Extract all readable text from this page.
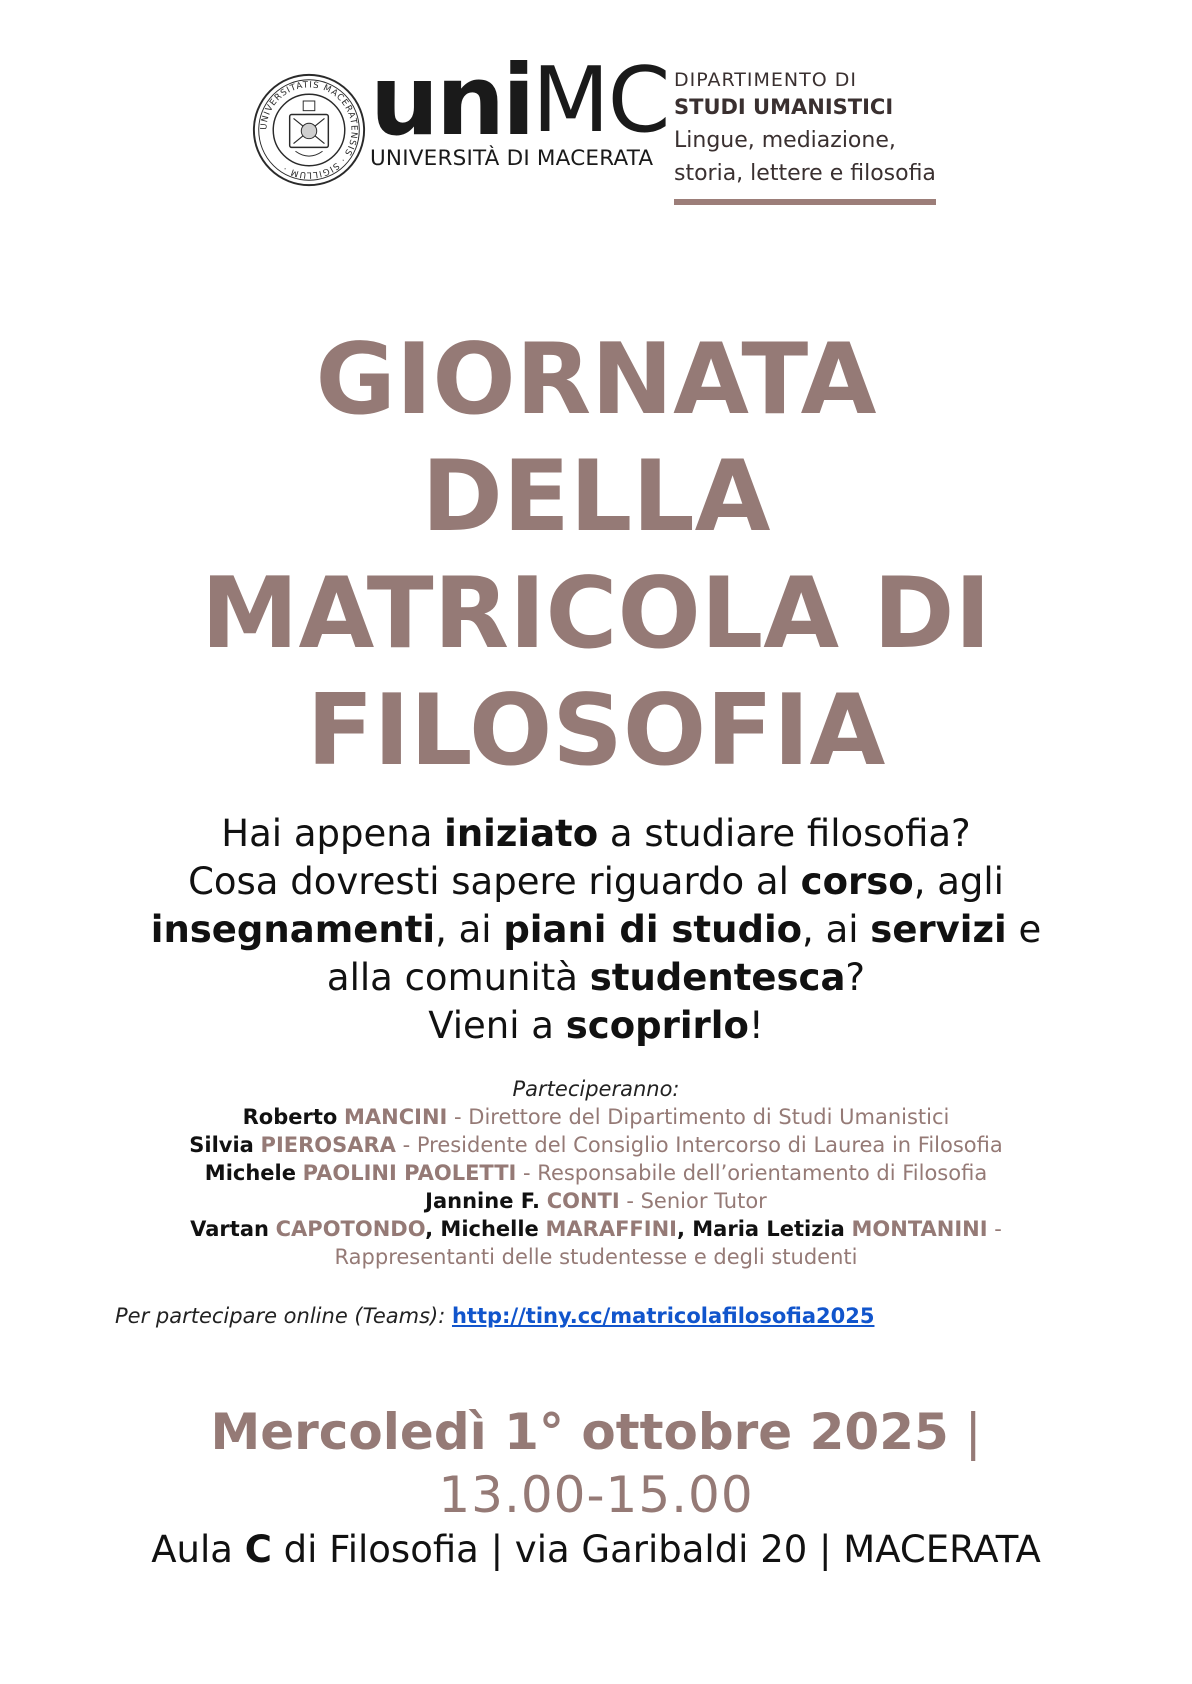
UNIVERSITATIS MACERATENSIS · SIGILLUM ·
uni MC
UNIVERSITÀ DI MACERATA
DIPARTIMENTO DI
STUDI UMANISTICI
Lingue, mediazione,
storia, lettere e filosofia
GIORNATA
DELLA
MATRICOLA DI
FILOSOFIA
Hai appena iniziato a studiare filosofia?
Cosa dovresti sapere riguardo al corso, agli
insegnamenti, ai piani di studio, ai servizi e
alla comunità studentesca?
Vieni a scoprirlo!
Parteciperanno:
Roberto MANCINI - Direttore del Dipartimento di Studi Umanistici
Silvia PIEROSARA - Presidente del Consiglio Intercorso di Laurea in Filosofia
Michele PAOLINI PAOLETTI - Responsabile dell’orientamento di Filosofia
Jannine F. CONTI - Senior Tutor
Vartan CAPOTONDO, Michelle MARAFFINI, Maria Letizia MONTANINI -
Rappresentanti delle studentesse e degli studenti
Per partecipare online (Teams): http://tiny.cc/matricolafilosofia2025
Mercoledì 1° ottobre 2025 |
13.00-15.00
Aula C di Filosofia | via Garibaldi 20 | MACERATA
